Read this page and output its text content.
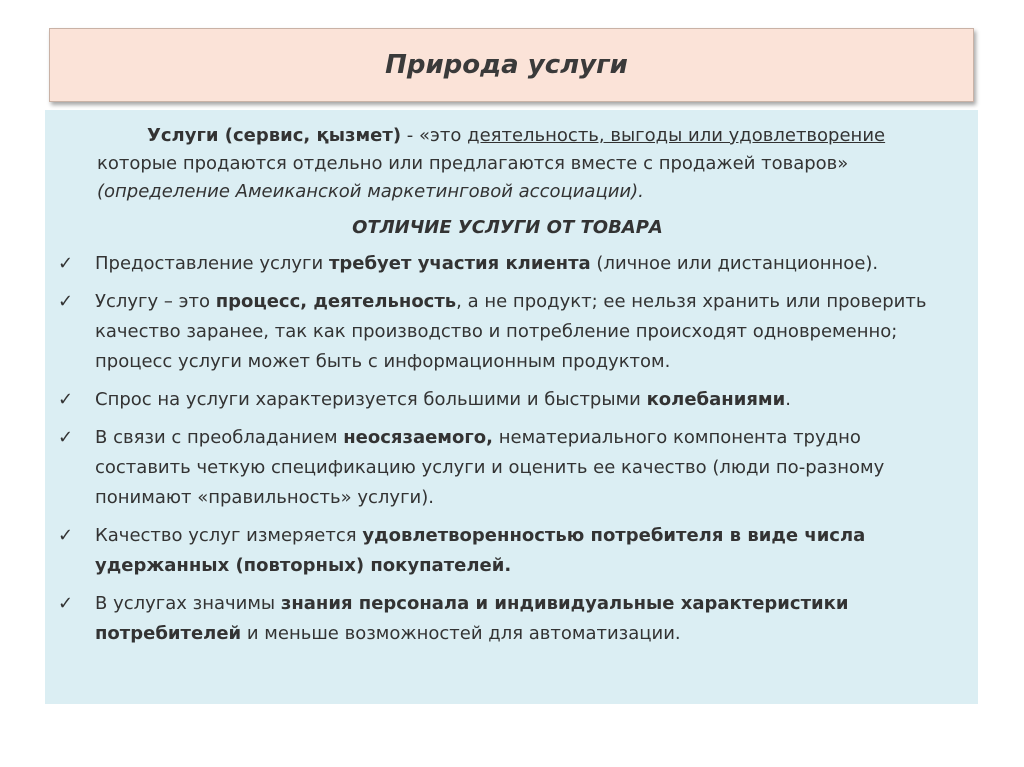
Природа услуги

Услуги (сервис, қызмет) - «это деятельность, выгоды или удовлетворение которые продаются отдельно или предлагаются вместе с продажей товаров»
(определение Амеиканской маркетинговой ассоциации).

ОТЛИЧИЕ УСЛУГИ ОТ ТОВАРА
✓ Предоставление услуги требует участия клиента (личное или дистанционное).
✓ Услугу – это процесс, деятельность, а не продукт; ее нельзя хранить или проверить качество заранее, так как производство и потребление происходят одновременно; процесс услуги может быть с информационным продуктом.
✓ Спрос на услуги характеризуется большими и быстрыми колебаниями.
✓ В связи с преобладанием неосязаемого, нематериального компонента трудно составить четкую спецификацию услуги и оценить ее качество (люди по-разному понимают «правильность» услуги).
✓ Качество услуг измеряется удовлетворенностью потребителя в виде числа удержанных (повторных) покупателей.
✓ В услугах значимы знания персонала и индивидуальные характеристики потребителей и меньше возможностей для автоматизации.
